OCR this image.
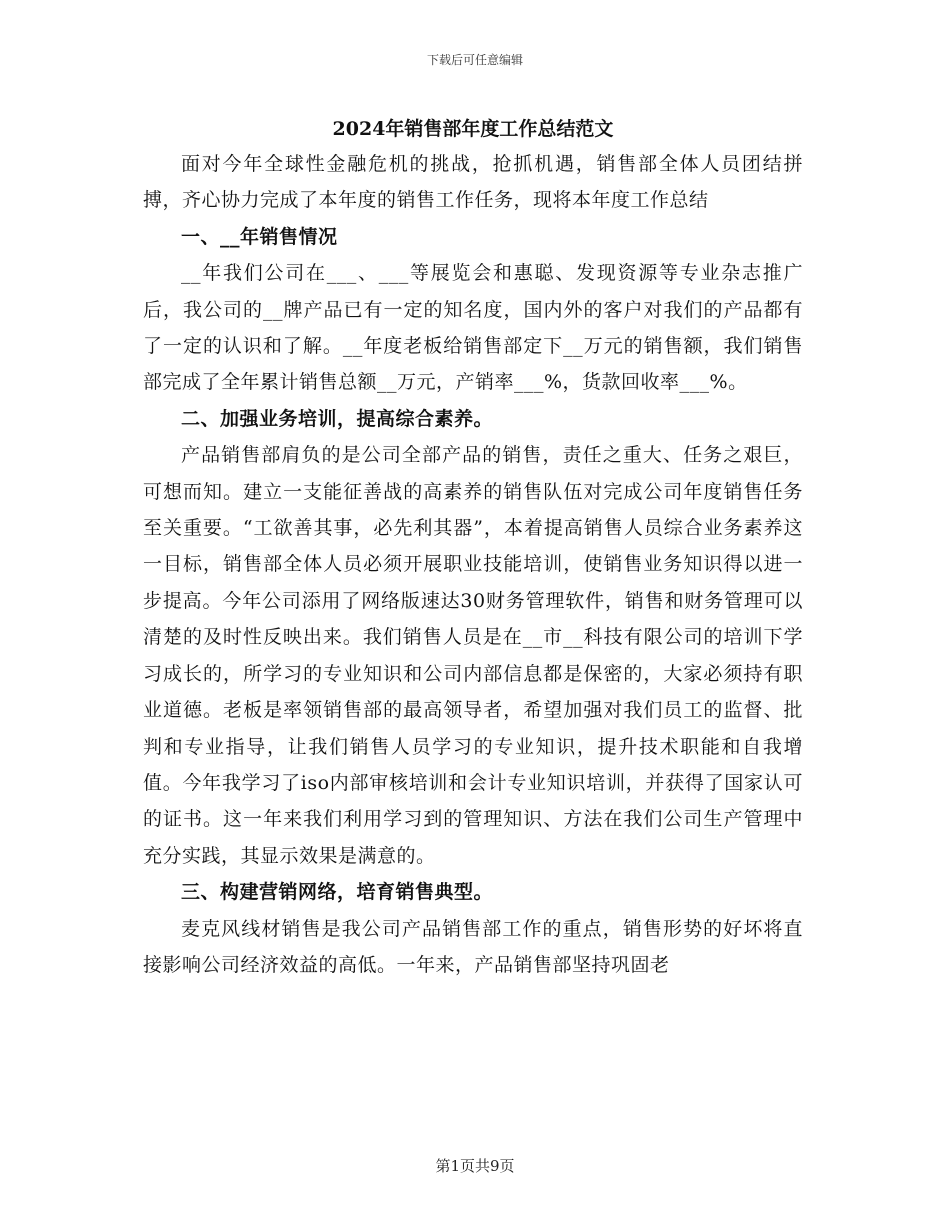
下载后可任意编辑
2024年销售部年度工作总结范文

面对今年全球性金融危机的挑战，抢抓机遇，销售部全体人员团结拼搏，齐心协力完成了本年度的销售工作任务，现将本年度工作总结

一、__年销售情况

__年我们公司在___、___等展览会和惠聪、发现资源等专业杂志推广后，我公司的__牌产品已有一定的知名度，国内外的客户对我们的产品都有了一定的认识和了解。__年度老板给销售部定下__万元的销售额，我们销售部完成了全年累计销售总额__万元，产销率___%，货款回收率___%。

二、加强业务培训，提高综合素养。

产品销售部肩负的是公司全部产品的销售，责任之重大、任务之艰巨，可想而知。建立一支能征善战的高素养的销售队伍对完成公司年度销售任务至关重要。“工欲善其事，必先利其器”，本着提高销售人员综合业务素养这一目标，销售部全体人员必须开展职业技能培训，使销售业务知识得以进一步提高。今年公司添用了网络版速达30财务管理软件，销售和财务管理可以清楚的及时性反映出来。我们销售人员是在__市__科技有限公司的培训下学习成长的，所学习的专业知识和公司内部信息都是保密的，大家必须持有职业道德。老板是率领销售部的最高领导者，希望加强对我们员工的监督、批判和专业指导，让我们销售人员学习的专业知识，提升技术职能和自我增值。今年我学习了iso内部审核培训和会计专业知识培训，并获得了国家认可的证书。这一年来我们利用学习到的管理知识、方法在我们公司生产管理中充分实践，其显示效果是满意的。

三、构建营销网络，培育销售典型。

麦克风线材销售是我公司产品销售部工作的重点，销售形势的好坏将直接影响公司经济效益的高低。一年来，产品销售部坚持巩固老

第1页共9页
